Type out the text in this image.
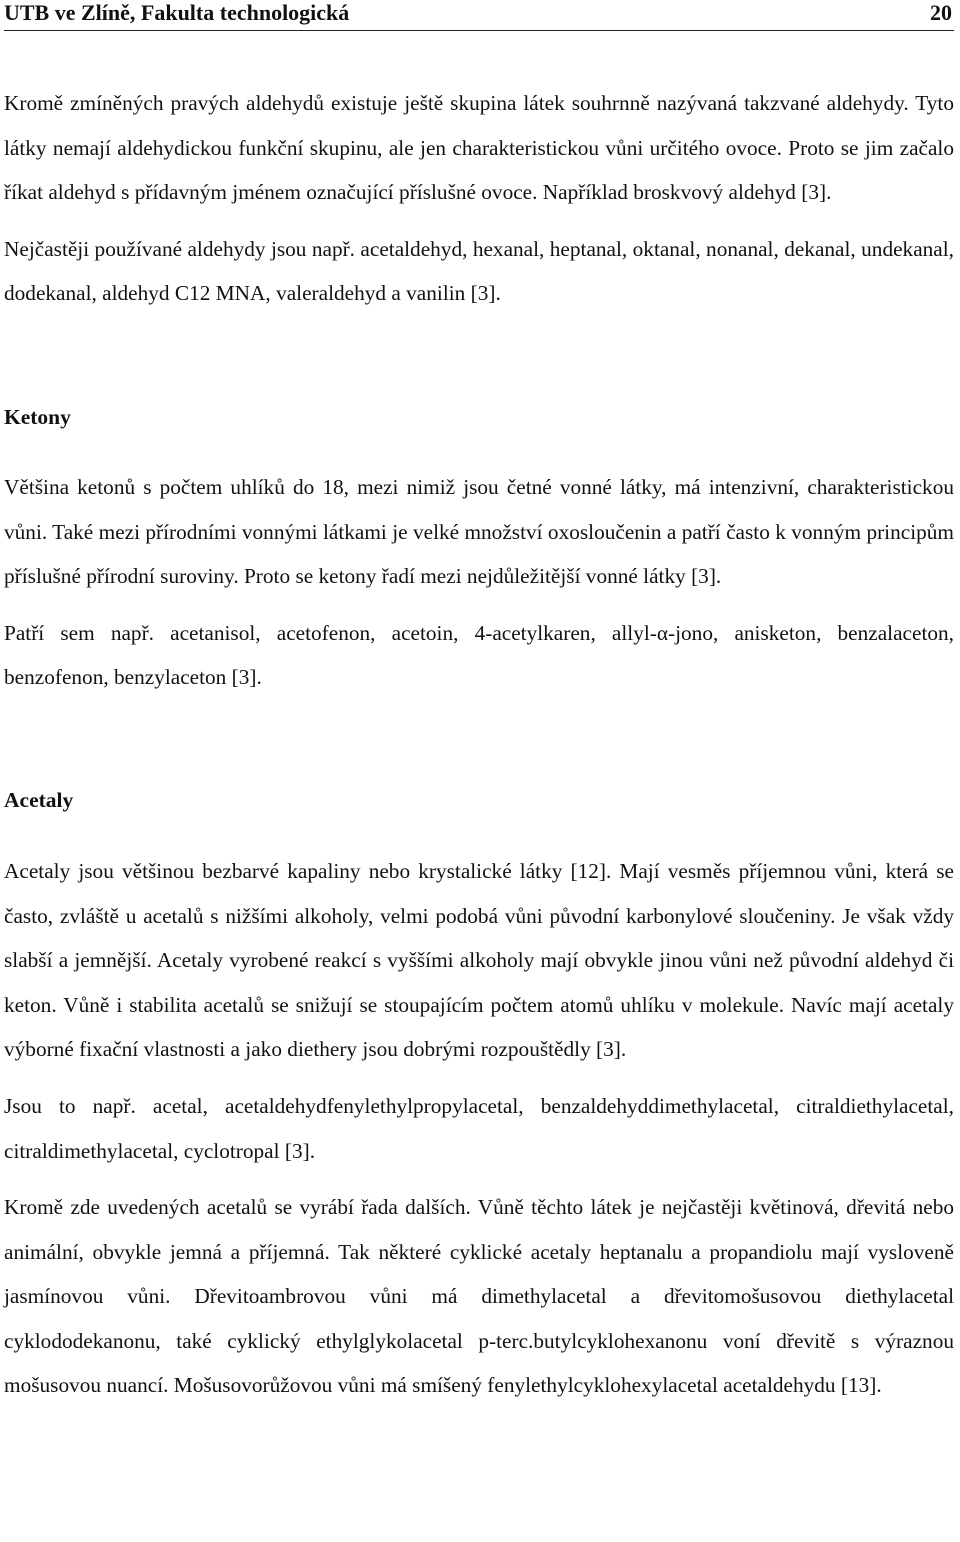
UTB ve Zlíně, Fakulta technologická	20

Kromě zmíněných pravých aldehydů existuje ještě skupina látek souhrnně nazývaná takzvané aldehydy. Tyto látky nemají aldehydickou funkční skupinu, ale jen charakteristickou vůni určitého ovoce. Proto se jim začalo říkat aldehyd s přídavným jménem označující příslušné ovoce. Například broskvový aldehyd [3].

Nejčastěji používané aldehydy jsou např. acetaldehyd, hexanal, heptanal, oktanal, nonanal, dekanal, undekanal, dodekanal, aldehyd C12 MNA, valeraldehyd a vanilin [3].

Ketony

Většina ketonů s počtem uhlíků do 18, mezi nimiž jsou četné vonné látky, má intenzivní, charakteristickou vůni. Také mezi přírodními vonnými látkami je velké množství oxosloučenin a patří často k vonným principům příslušné přírodní suroviny. Proto se ketony řadí mezi nejdůležitější vonné látky [3].

Patří sem např. acetanisol, acetofenon, acetoin, 4-acetylkaren, allyl-α-jono, anisketon, benzalaceton, benzofenon, benzylaceton [3].

Acetaly

Acetaly jsou většinou bezbarvé kapaliny nebo krystalické látky [12]. Mají vesměs příjemnou vůni, která se často, zvláště u acetalů s nižšími alkoholy, velmi podobá vůni původní karbonylové sloučeniny. Je však vždy slabší a jemnější. Acetaly vyrobené reakcí s vyššími alkoholy mají obvykle jinou vůni než původní aldehyd či keton. Vůně i stabilita acetalů se snižují se stoupajícím počtem atomů uhlíku v molekule. Navíc mají acetaly výborné fixační vlastnosti a jako diethery jsou dobrými rozpouštědly [3].

Jsou to např. acetal, acetaldehydfenylethylpropylacetal, benzaldehyddimethylacetal, citraldiethylacetal, citraldimethylacetal, cyclotropal [3].

Kromě zde uvedených acetalů se vyrábí řada dalších. Vůně těchto látek je nejčastěji květinová, dřevitá nebo animální, obvykle jemná a příjemná. Tak některé cyklické acetaly heptanalu a propandiolu mají vysloveně jasmínovou vůni. Dřevitoambrovou vůni má dimethylacetal a dřevitomošusovou diethylacetal cyklododekanonu, také cyklický ethylglykolacetal p-terc.butylcyklohexanonu voní dřevitě s výraznou mošusovou nuancí. Mošusovorůžovou vůni má smíšený fenylethylcyklohexylacetal acetaldehydu [13].
